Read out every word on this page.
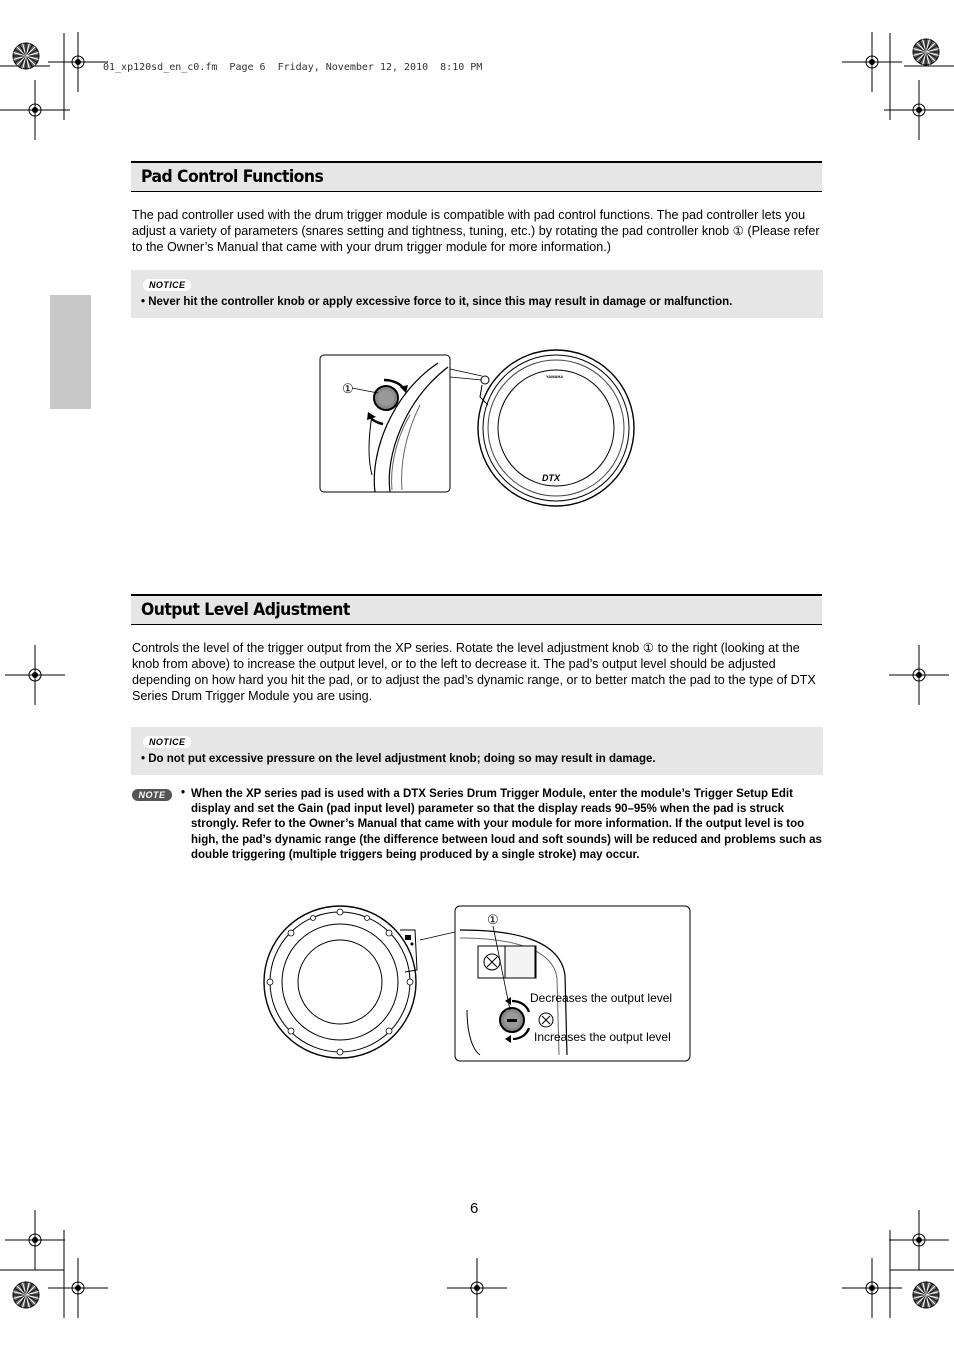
01_xp120sd_en_c0.fm  Page 6  Friday, November 12, 2010  8:10 PM
Pad Control Functions
The pad controller used with the drum trigger module is compatible with pad control functions. The pad controller lets you adjust a variety of parameters (snares setting and tightness, tuning, etc.) by rotating the pad controller knob ① (Please refer to the Owner’s Manual that came with your drum trigger module for more information.)
NOTICE
• Never hit the controller knob or apply excessive force to it, since this may result in damage or malfunction.
①
YAMAHA
DTX
Output Level Adjustment
Controls the level of the trigger output from the XP series. Rotate the level adjustment knob ① to the right (looking at the knob from above) to increase the output level, or to the left to decrease it. The pad’s output level should be adjusted depending on how hard you hit the pad, or to adjust the pad’s dynamic range, or to better match the pad to the type of DTX Series Drum Trigger Module you are using.
NOTICE
• Do not put excessive pressure on the level adjustment knob; doing so may result in damage.
NOTE	• When the XP series pad is used with a DTX Series Drum Trigger Module, enter the module’s Trigger Setup Edit display and set the Gain (pad input level) parameter so that the display reads 90–95% when the pad is struck strongly. Refer to the Owner’s Manual that came with your module for more information. If the output level is too high, the pad’s dynamic range (the difference between loud and soft sounds) will be reduced and problems such as double triggering (multiple triggers being produced by a single stroke) may occur.
①
Decreases the output level
Increases the output level
6
